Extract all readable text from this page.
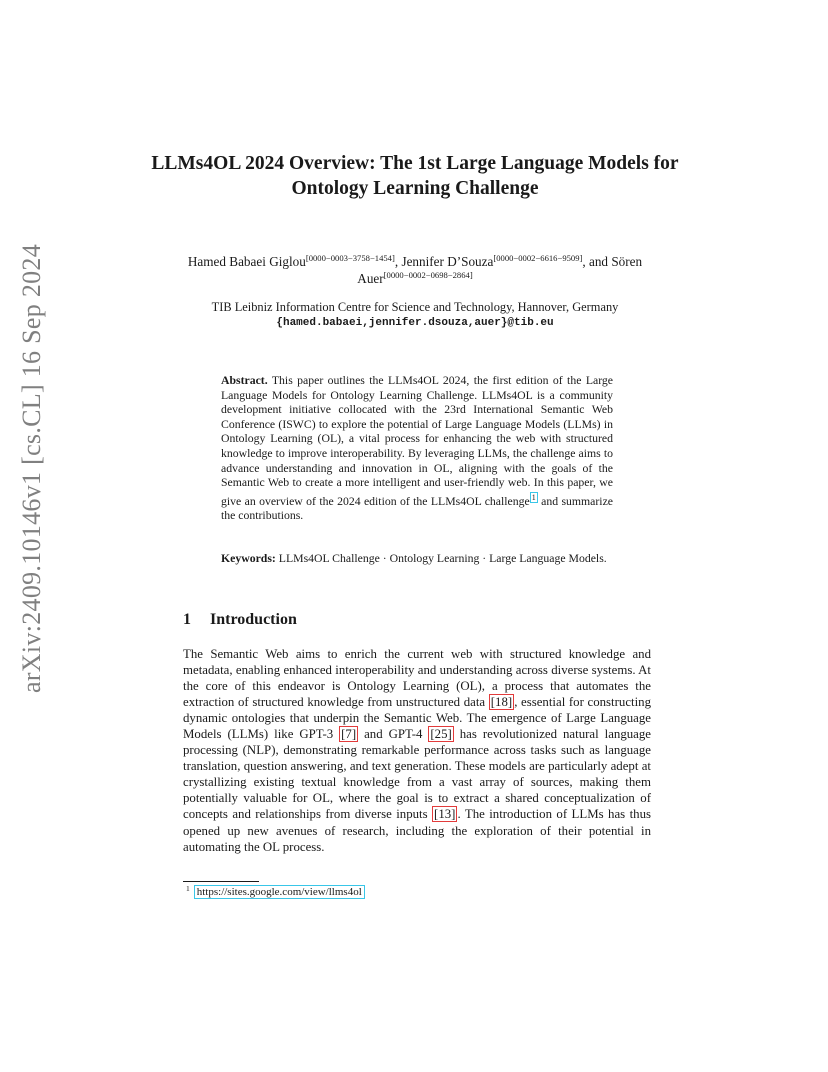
arXiv:2409.10146v1 [cs.CL] 16 Sep 2024
LLMs4OL 2024 Overview: The 1st Large Language Models for Ontology Learning Challenge
Hamed Babaei Giglou[0000−0003−3758−1454], Jennifer D’Souza[0000−0002−6616−9509], and Sören Auer[0000−0002−0698−2864]
TIB Leibniz Information Centre for Science and Technology, Hannover, Germany
{hamed.babaei,jennifer.dsouza,auer}@tib.eu
Abstract. This paper outlines the LLMs4OL 2024, the first edition of the Large Language Models for Ontology Learning Challenge. LLMs4OL is a community development initiative collocated with the 23rd International Semantic Web Conference (ISWC) to explore the potential of Large Language Models (LLMs) in Ontology Learning (OL), a vital process for enhancing the web with structured knowledge to improve interoperability. By leveraging LLMs, the challenge aims to advance understanding and innovation in OL, aligning with the goals of the Semantic Web to create a more intelligent and user-friendly web. In this paper, we give an overview of the 2024 edition of the LLMs4OL challenge $^1$ and summarize the contributions.
Keywords: LLMs4OL Challenge · Ontology Learning · Large Language Models.
1 Introduction

The Semantic Web aims to enrich the current web with structured knowledge and metadata, enabling enhanced interoperability and understanding across diverse systems. At the core of this endeavor is Ontology Learning (OL), a process that automates the extraction of structured knowledge from unstructured data [18] , essential for constructing dynamic ontologies that underpin the Semantic Web. The emergence of Large Language Models (LLMs) like GPT-3 [7] and GPT-4 [25] has revolutionized natural language processing (NLP), demonstrating remarkable performance across tasks such as language translation, question answering, and text generation. These models are particularly adept at crystallizing existing textual knowledge from a vast array of sources, making them potentially valuable for OL, where the goal is to extract a shared conceptualization of concepts and relationships from diverse inputs [13] . The introduction of LLMs has thus opened up new avenues of research, including the exploration of their potential in automating the OL process.

$^1$ https://sites.google.com/view/llms4ol
